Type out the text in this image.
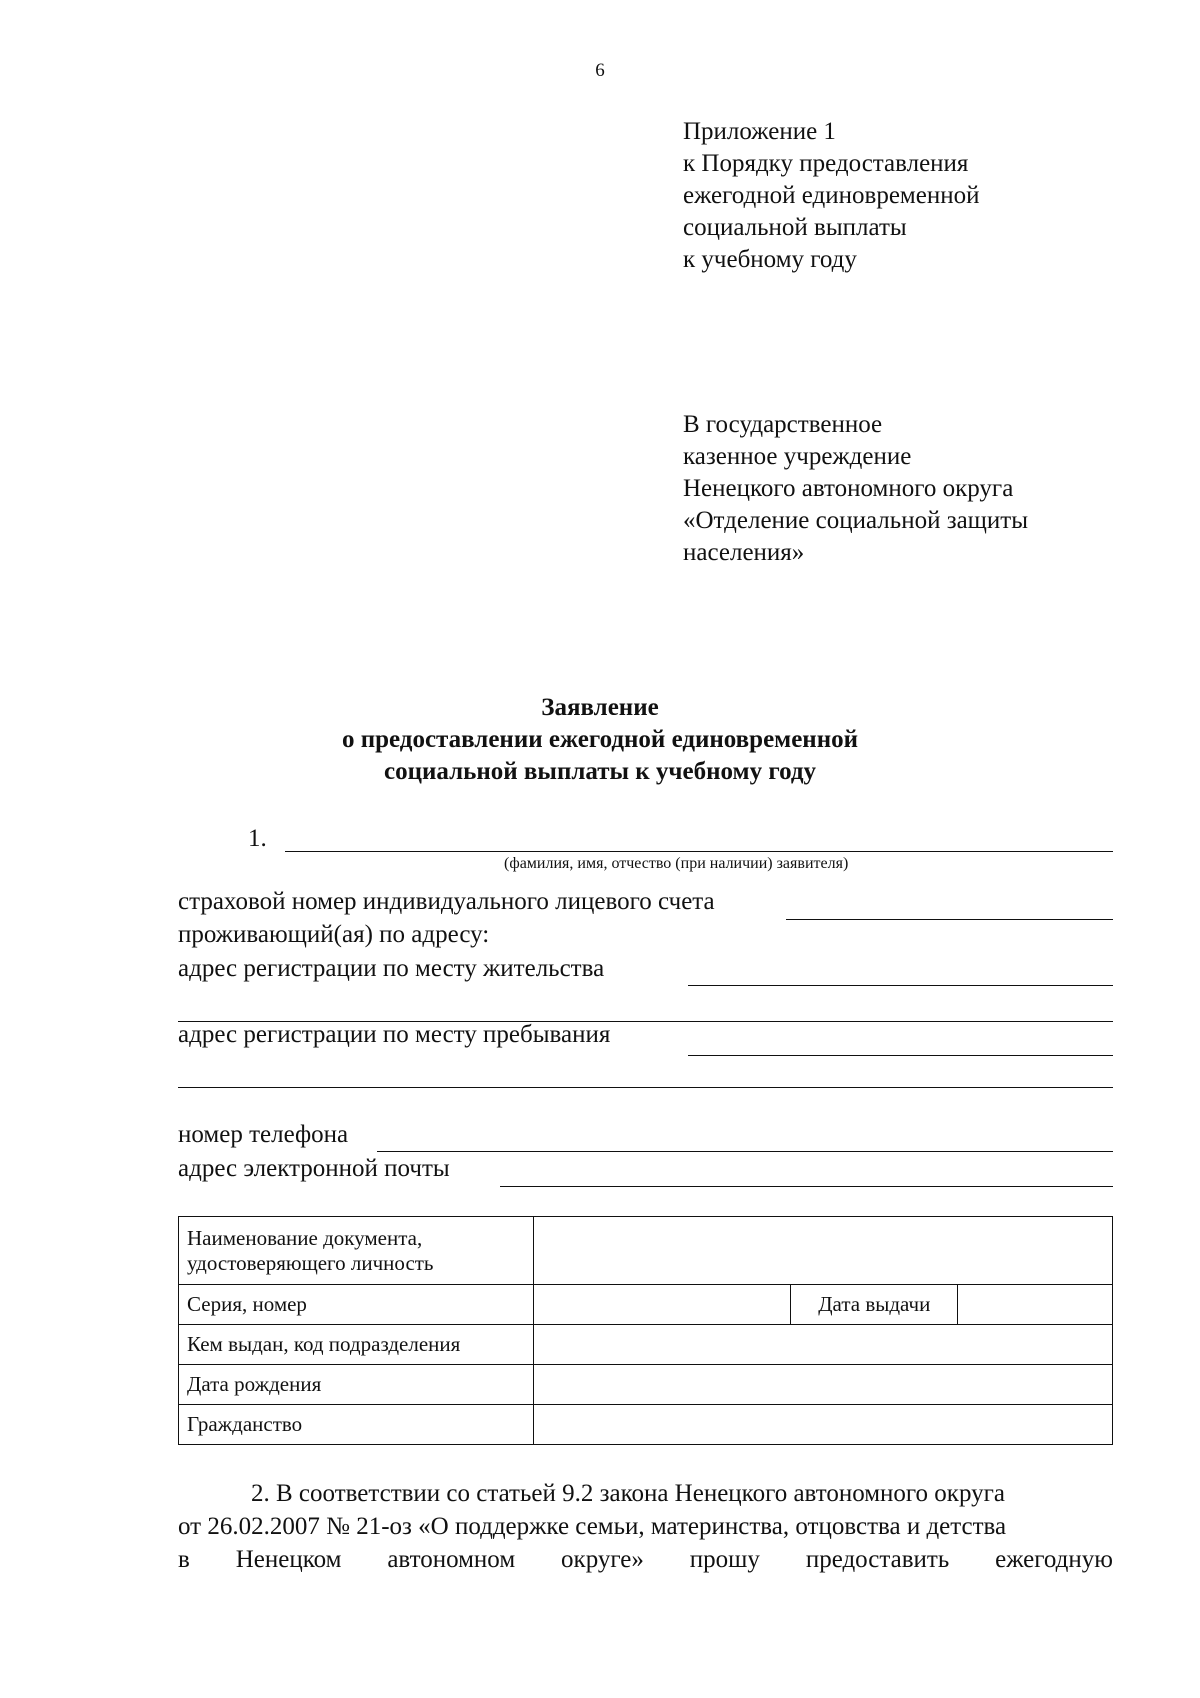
6
Приложение 1
к Порядку предоставления
ежегодной единовременной
социальной выплаты
к учебному году
В государственное
казенное учреждение
Ненецкого автономного округа
«Отделение социальной защиты
населения»
Заявление
о предоставлении ежегодной единовременной
социальной выплаты к учебному году
1.
(фамилия, имя, отчество (при наличии) заявителя)
страховой номер индивидуального лицевого счета
проживающий(ая) по адресу:
адрес регистрации по месту жительства
адрес регистрации по месту пребывания
номер телефона
адрес электронной почты
Наименование документа, удостоверяющего личность			
Серия, номер		Дата выдачи	
Кем выдан, код подразделения			
Дата рождения			
Гражданство			
2. В соответствии со статьей 9.2 закона Ненецкого автономного округа
от 26.02.2007 № 21-оз «О поддержке семьи, материнства, отцовства и детства
в Ненецком автономном округе» прошу предоставить ежегодную
